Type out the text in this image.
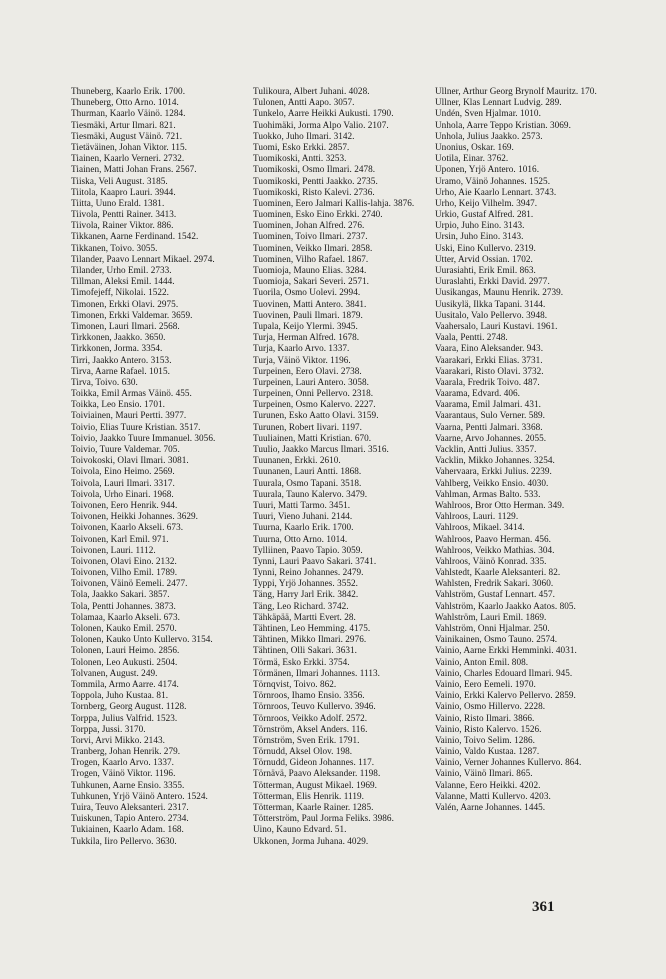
Thuneberg, Kaarlo Erik. 1700.
Thuneberg, Otto Arno. 1014.
Thurman, Kaarlo Väinö. 1284.
Tiesmäki, Artur Ilmari. 821.
Tiesmäki, August Väinö. 721.
Tietäväinen, Johan Viktor. 115.
Tiainen, Kaarlo Verneri. 2732.
Tiainen, Matti Johan Frans. 2567.
Tiiska, Veli August. 3185.
Tiitola, Kaapro Lauri. 3944.
Tiitta, Uuno Erald. 1381.
Tiivola, Pentti Rainer. 3413.
Tiivola, Rainer Viktor. 886.
Tikkanen, Aarne Ferdinand. 1542.
Tikkanen, Toivo. 3055.
Tilander, Paavo Lennart Mikael. 2974.
Tilander, Urho Emil. 2733.
Tillman, Aleksi Emil. 1444.
Timofejeff, Nikolai. 1522.
Timonen, Erkki Olavi. 2975.
Timonen, Erkki Valdemar. 3659.
Timonen, Lauri Ilmari. 2568.
Tirkkonen, Jaakko. 3650.
Tirkkonen, Jorma. 3354.
Tirri, Jaakko Antero. 3153.
Tirva, Aarne Rafael. 1015.
Tirva, Toivo. 630.
Toikka, Emil Armas Väinö. 455.
Toikka, Leo Ensio. 1701.
Toiviainen, Mauri Pertti. 3977.
Toivio, Elias Tuure Kristian. 3517.
Toivio, Jaakko Tuure Immanuel. 3056.
Toivio, Tuure Valdemar. 705.
Toivokoski, Olavi Ilmari. 3081.
Toivola, Eino Heimo. 2569.
Toivola, Lauri Ilmari. 3317.
Toivola, Urho Einari. 1968.
Toivonen, Eero Henrik. 944.
Toivonen, Heikki Johannes. 3629.
Toivonen, Kaarlo Akseli. 673.
Toivonen, Karl Emil. 971.
Toivonen, Lauri. 1112.
Toivonen, Olavi Eino. 2132.
Toivonen, Vilho Emil. 1789.
Toivonen, Väinö Eemeli. 2477.
Tola, Jaakko Sakari. 3857.
Tola, Pentti Johannes. 3873.
Tolamaa, Kaarlo Akseli. 673.
Tolonen, Kauko Emil. 2570.
Tolonen, Kauko Unto Kullervo. 3154.
Tolonen, Lauri Heimo. 2856.
Tolonen, Leo Aukusti. 2504.
Tolvanen, August. 249.
Tommila, Armo Aarre. 4174.
Toppola, Juho Kustaa. 81.
Tornberg, Georg August. 1128.
Torppa, Julius Valfrid. 1523.
Torppa, Jussi. 3170.
Torvi, Arvi Mikko. 2143.
Tranberg, Johan Henrik. 279.
Trogen, Kaarlo Arvo. 1337.
Trogen, Väinö Viktor. 1196.
Tuhkunen, Aarne Ensio. 3355.
Tuhkunen, Yrjö Väinö Antero. 1524.
Tuira, Teuvo Aleksanteri. 2317.
Tuiskunen, Tapio Antero. 2734.
Tukiainen, Kaarlo Adam. 168.
Tukkila, Iiro Pellervo. 3630.
Tulikoura, Albert Juhani. 4028.
Tulonen, Antti Aapo. 3057.
Tunkelo, Aarre Heikki Aukusti. 1790.
Tuohimäki, Jorma Alpo Valio. 2107.
Tuokko, Juho Ilmari. 3142.
Tuomi, Esko Erkki. 2857.
Tuomikoski, Antti. 3253.
Tuomikoski, Osmo Ilmari. 2478.
Tuomikoski, Pentti Jaakko. 2735.
Tuomikoski, Risto Kalevi. 2736.
Tuominen, Eero Jalmari Kallis-lahja. 3876.
Tuominen, Esko Eino Erkki. 2740.
Tuominen, Johan Alfred. 276.
Tuominen, Toivo Ilmari. 2737.
Tuominen, Veikko Ilmari. 2858.
Tuominen, Vilho Rafael. 1867.
Tuomioja, Mauno Elias. 3284.
Tuomioja, Sakari Severi. 2571.
Tuorila, Osmo Uolevi. 2994.
Tuovinen, Matti Antero. 3841.
Tuovinen, Pauli Ilmari. 1879.
Tupala, Keijo Ylermi. 3945.
Turja, Herman Alfred. 1678.
Turja, Kaarlo Arvo. 1337.
Turja, Väinö Viktor. 1196.
Turpeinen, Eero Olavi. 2738.
Turpeinen, Lauri Antero. 3058.
Turpeinen, Onni Pellervo. 2318.
Turpeinen, Osmo Kalervo. 2227.
Turunen, Esko Aatto Olavi. 3159.
Turunen, Robert Iivari. 1197.
Tuuliainen, Matti Kristian. 670.
Tuulio, Jaakko Marcus Ilmari. 3516.
Tuunanen, Erkki. 2610.
Tuunanen, Lauri Antti. 1868.
Tuurala, Osmo Tapani. 3518.
Tuurala, Tauno Kalervo. 3479.
Tuuri, Matti Tarmo. 3451.
Tuuri, Vieno Juhani. 2144.
Tuurna, Kaarlo Erik. 1700.
Tuurna, Otto Arno. 1014.
Tylliinen, Paavo Tapio. 3059.
Tynni, Lauri Paavo Sakari. 3741.
Tynni, Reino Johannes. 2479.
Typpi, Yrjö Johannes. 3552.
Täng, Harry Jarl Erik. 3842.
Täng, Leo Richard. 3742.
Tähkäpää, Martti Evert. 28.
Tähtinen, Leo Hemming. 4175.
Tähtinen, Mikko Ilmari. 2976.
Tähtinen, Olli Sakari. 3631.
Törmä, Esko Erkki. 3754.
Törmänen, Ilmari Johannes. 1113.
Törnqvist, Toivo. 862.
Törnroos, Ihamo Ensio. 3356.
Törnroos, Teuvo Kullervo. 3946.
Törnroos, Veikko Adolf. 2572.
Törnström, Aksel Anders. 116.
Törnström, Sven Erik. 1791.
Törnudd, Aksel Olov. 198.
Törnudd, Gideon Johannes. 117.
Törnävä, Paavo Aleksander. 1198.
Tötterman, August Mikael. 1969.
Tötterman, Elis Henrik. 1119.
Tötterman, Kaarle Rainer. 1285.
Tötterström, Paul Jorma Feliks. 3986.
Uino, Kauno Edvard. 51.
Ukkonen, Jorma Juhana. 4029.
Ullner, Arthur Georg Brynolf Mauritz. 170.
Ullner, Klas Lennart Ludvig. 289.
Undén, Sven Hjalmar. 1010.
Unhola, Aarre Teppo Kristian. 3069.
Unhola, Julius Jaakko. 2573.
Unonius, Oskar. 169.
Uotila, Einar. 3762.
Uponen, Yrjö Antero. 1016.
Uramo, Väinö Johannes. 1525.
Urho, Aie Kaarlo Lennart. 3743.
Urho, Keijo Vilhelm. 3947.
Urkio, Gustaf Alfred. 281.
Urpio, Juho Eino. 3143.
Ursin, Juho Eino. 3143.
Uski, Eino Kullervo. 2319.
Utter, Arvid Ossian. 1702.
Uurasiahti, Erik Emil. 863.
Uuraslahti, Erkki David. 2977.
Uusikangas, Maunu Henrik. 2739.
Uusikylä, Ilkka Tapani. 3144.
Uusitalo, Valo Pellervo. 3948.
Vaahersalo, Lauri Kustavi. 1961.
Vaala, Pentti. 2748.
Vaara, Eino Aleksander. 943.
Vaarakari, Erkki Elias. 3731.
Vaarakari, Risto Olavi. 3732.
Vaarala, Fredrik Toivo. 487.
Vaarama, Edvard. 406.
Vaarama, Emil Jalmari. 431.
Vaarantaus, Sulo Verner. 589.
Vaarna, Pentti Jalmari. 3368.
Vaarne, Arvo Johannes. 2055.
Vacklin, Antti Julius. 3357.
Vacklin, Mikko Johannes. 3254.
Vahervaara, Erkki Julius. 2239.
Vahlberg, Veikko Ensio. 4030.
Vahlman, Armas Balto. 533.
Wahlroos, Bror Otto Herman. 349.
Vahlroos, Lauri. 1129.
Vahlroos, Mikael. 3414.
Wahlroos, Paavo Herman. 456.
Wahlroos, Veikko Mathias. 304.
Vahlroos, Väinö Konrad. 335.
Vahlstedt, Kaarle Aleksanteri. 82.
Wahlsten, Fredrik Sakari. 3060.
Vahlström, Gustaf Lennart. 457.
Vahlström, Kaarlo Jaakko Aatos. 805.
Wahlström, Lauri Emil. 1869.
Vahlström, Onni Hjalmar. 250.
Vainikainen, Osmo Tauno. 2574.
Vainio, Aarne Erkki Hemminki. 4031.
Vainio, Anton Emil. 808.
Vainio, Charles Edouard Ilmari. 945.
Vainio, Eero Eemeli. 1970.
Vainio, Erkki Kalervo Pellervo. 2859.
Vainio, Osmo Hillervo. 2228.
Vainio, Risto Ilmari. 3866.
Vainio, Risto Kalervo. 1526.
Vainio, Toivo Selim. 1286.
Vainio, Valdo Kustaa. 1287.
Vainio, Verner Johannes Kullervo. 864.
Vainio, Väinö Ilmari. 865.
Valanne, Eero Heikki. 4202.
Valanne, Matti Kullervo. 4203.
Valén, Aarne Johannes. 1445.
361
